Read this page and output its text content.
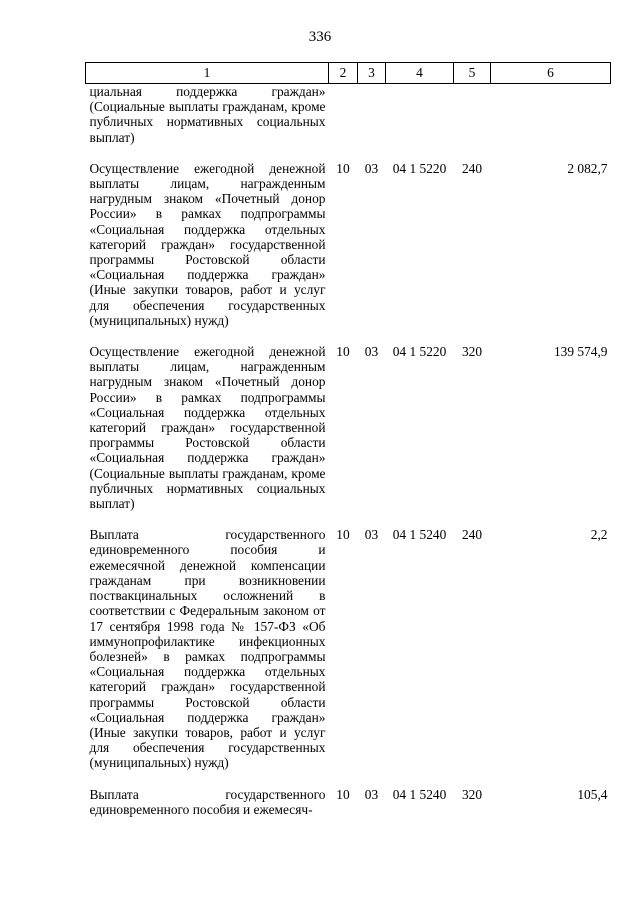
336
1	2	3	4	5	6
циальная поддержка граждан» (Социальные выплаты гражданам, кроме публичных нормативных социальных выплат)					
Осуществление ежегодной денежной выплаты лицам, награжденным нагрудным знаком «Почетный донор России» в рамках подпрограммы «Социальная поддержка отдельных категорий граждан» государственной программы Ростовской области «Социальная поддержка граждан» (Иные закупки товаров, работ и услуг для обеспечения государственных (муниципальных) нужд)	10	03	04 1 5220	240	2 082,7
Осуществление ежегодной денежной выплаты лицам, награжденным нагрудным знаком «Почетный донор России» в рамках подпрограммы «Социальная поддержка отдельных категорий граждан» государственной программы Ростовской области «Социальная поддержка граждан» (Социальные выплаты гражданам, кроме публичных нормативных социальных выплат)	10	03	04 1 5220	320	139 574,9
Выплата государственного единовременного пособия и ежемесячной денежной компенсации гражданам при возникновении поствакцинальных осложнений в соответствии с Федеральным законом от 17 сентября 1998 года № 157-ФЗ «Об иммунопрофилактике инфекционных болезней» в рамках подпрограммы «Социальная поддержка отдельных категорий граждан» государственной программы Ростовской области «Социальная поддержка граждан» (Иные закупки товаров, работ и услуг для обеспечения государственных (муниципальных) нужд)	10	03	04 1 5240	240	2,2
Выплата государственного единовременного пособия и ежемесяч-	10	03	04 1 5240	320	105,4
